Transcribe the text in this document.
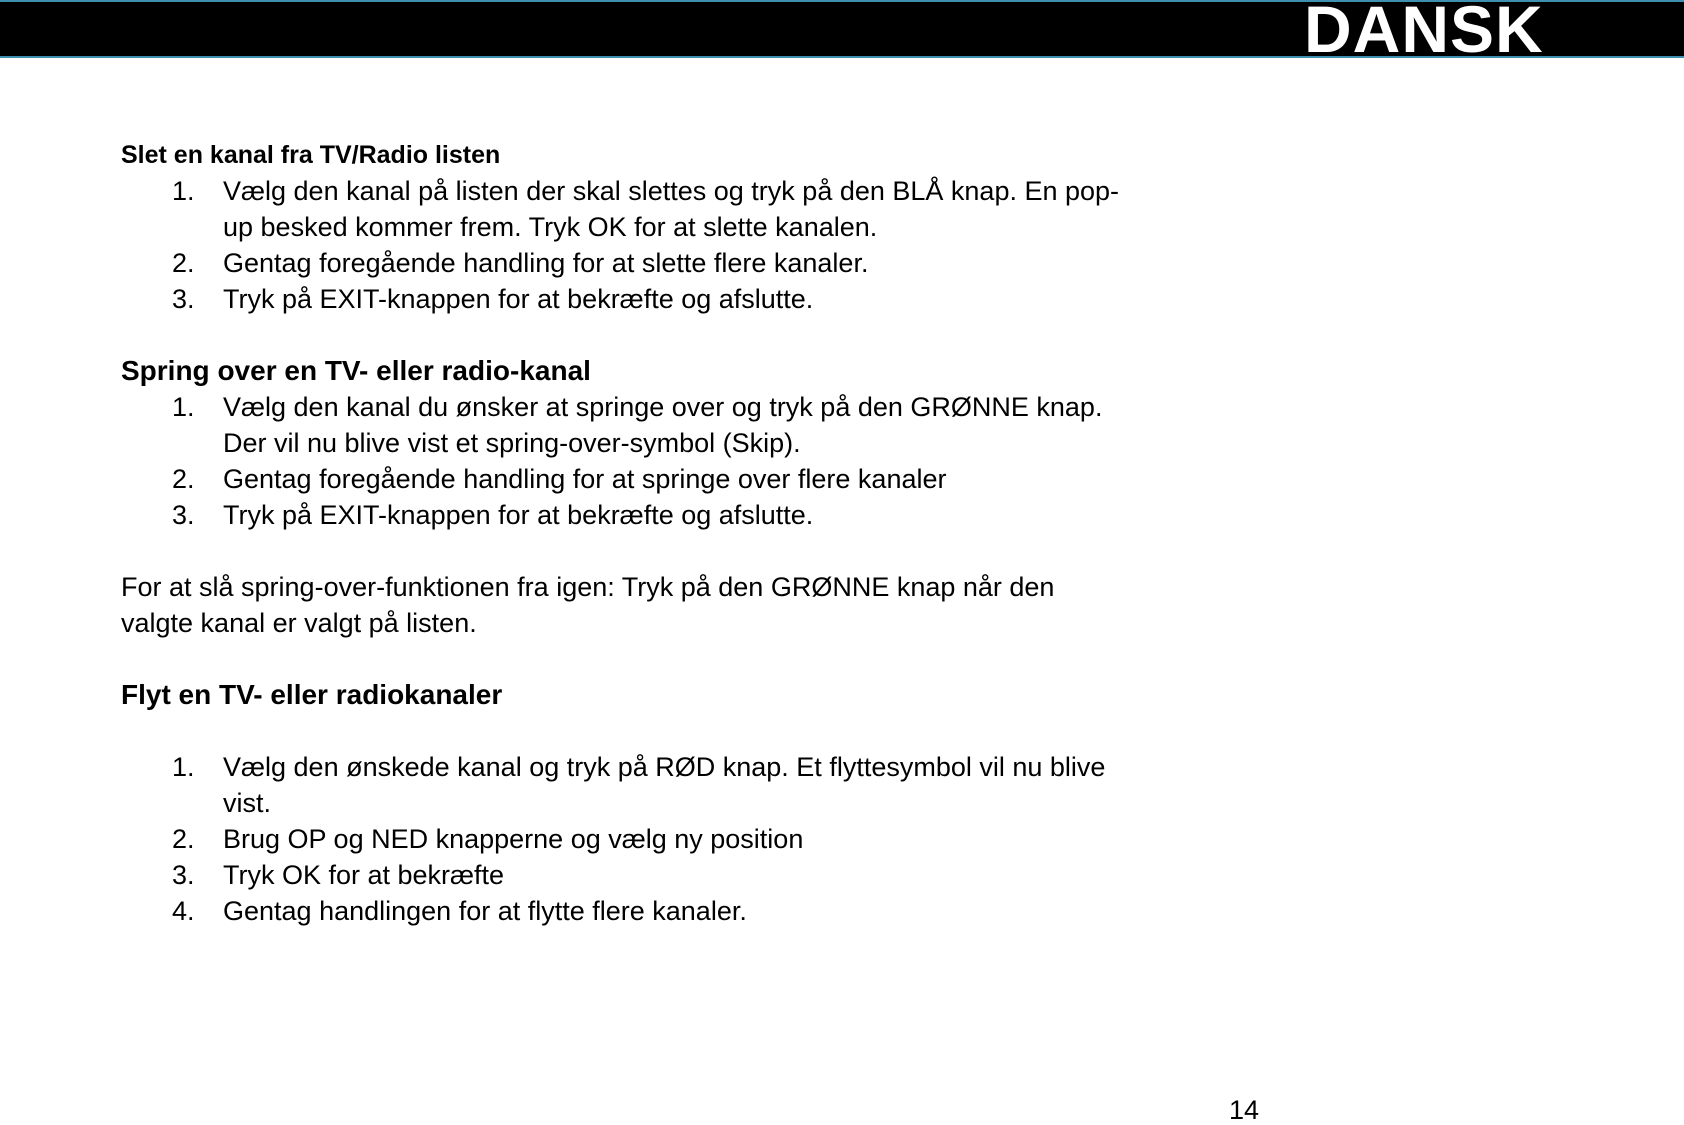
DANSK
Slet en kanal fra TV/Radio listen
1. Vælg den kanal på listen der skal slettes og tryk på den BLÅ knap. En pop-
up besked kommer frem. Tryk OK for at slette kanalen.
2. Gentag foregående handling for at slette flere kanaler.
3. Tryk på EXIT-knappen for at bekræfte og afslutte.
Spring over en TV- eller radio-kanal
1. Vælg den kanal du ønsker at springe over og tryk på den GRØNNE knap.
Der vil nu blive vist et spring-over-symbol (Skip).
2. Gentag foregående handling for at springe over flere kanaler
3. Tryk på EXIT-knappen for at bekræfte og afslutte.

For at slå spring-over-funktionen fra igen: Tryk på den GRØNNE knap når den
valgte kanal er valgt på listen.

Flyt en TV- eller radiokanaler
1. Vælg den ønskede kanal og tryk på RØD knap. Et flyttesymbol vil nu blive
vist.
2. Brug OP og NED knapperne og vælg ny position
3. Tryk OK for at bekræfte
4. Gentag handlingen for at flytte flere kanaler.
14
